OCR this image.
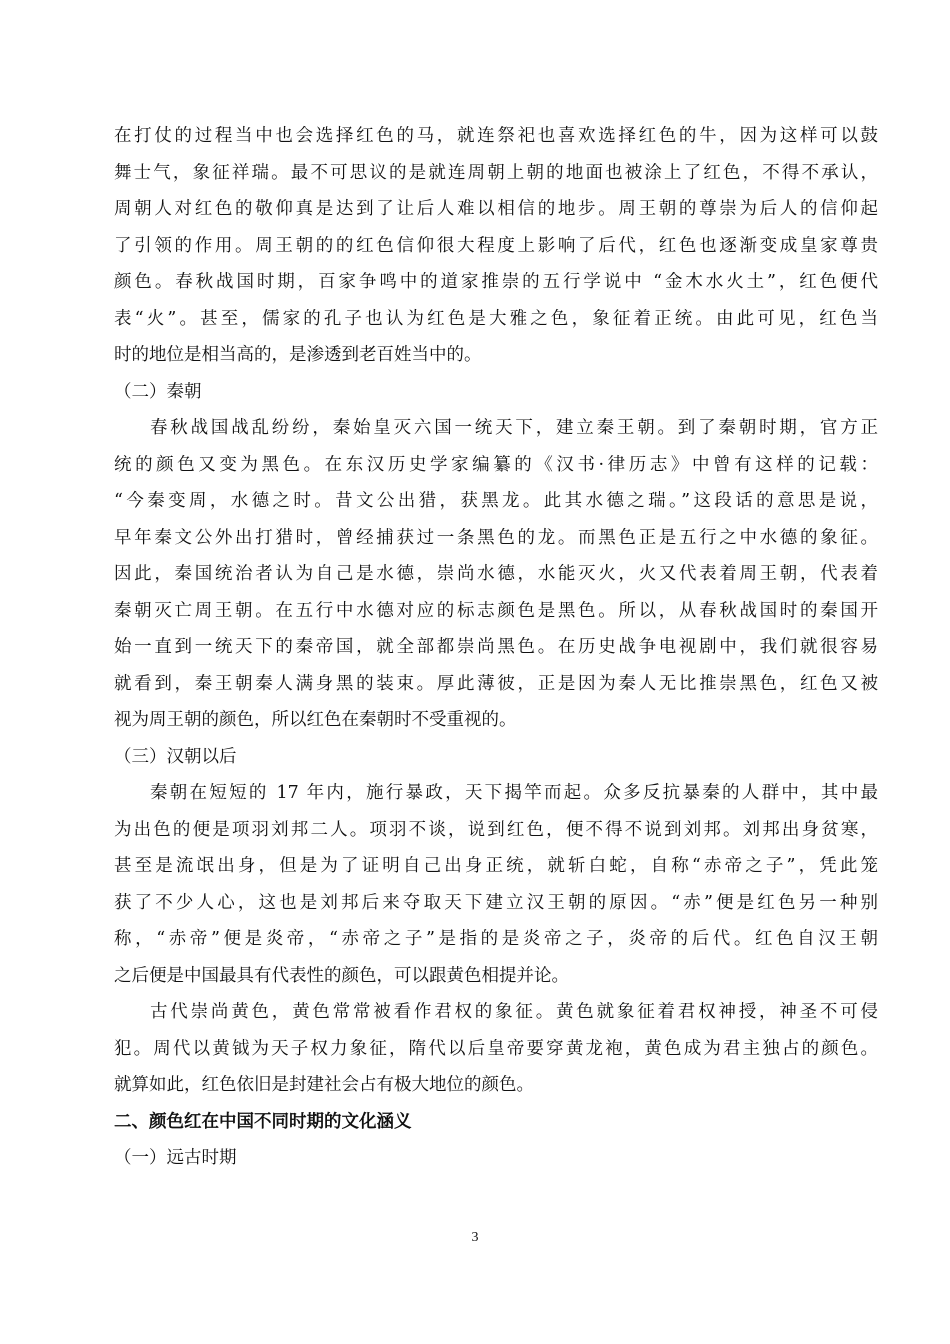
在打仗的过程当中也会选择红色的马，就连祭祀也喜欢选择红色的牛，因为这样可以鼓
舞士气，象征祥瑞。最不可思议的是就连周朝上朝的地面也被涂上了红色，不得不承认，
周朝人对红色的敬仰真是达到了让后人难以相信的地步。周王朝的尊崇为后人的信仰起
了引领的作用。周王朝的的红色信仰很大程度上影响了后代，红色也逐渐变成皇家尊贵
颜色。春秋战国时期，百家争鸣中的道家推崇的五行学说中 “金木水火土”，红色便代
表“火”。甚至，儒家的孔子也认为红色是大雅之色，象征着正统。由此可见，红色当
时的地位是相当高的，是渗透到老百姓当中的。
（二）秦朝
春秋战国战乱纷纷，秦始皇灭六国一统天下，建立秦王朝。到了秦朝时期，官方正
统的颜色又变为黑色。在东汉历史学家编纂的《汉书·律历志》中曾有这样的记载：
“今秦变周，水德之时。昔文公出猎，获黑龙。此其水德之瑞。”这段话的意思是说，
早年秦文公外出打猎时，曾经捕获过一条黑色的龙。而黑色正是五行之中水德的象征。
因此，秦国统治者认为自己是水德，崇尚水德，水能灭火，火又代表着周王朝，代表着
秦朝灭亡周王朝。在五行中水德对应的标志颜色是黑色。所以，从春秋战国时的秦国开
始一直到一统天下的秦帝国，就全部都崇尚黑色。在历史战争电视剧中，我们就很容易
就看到，秦王朝秦人满身黑的装束。厚此薄彼，正是因为秦人无比推崇黑色，红色又被
视为周王朝的颜色，所以红色在秦朝时不受重视的。
（三）汉朝以后
秦朝在短短的 17 年内，施行暴政，天下揭竿而起。众多反抗暴秦的人群中，其中最
为出色的便是项羽刘邦二人。项羽不谈，说到红色，便不得不说到刘邦。刘邦出身贫寒，
甚至是流氓出身，但是为了证明自己出身正统，就斩白蛇，自称“赤帝之子”，凭此笼
获了不少人心，这也是刘邦后来夺取天下建立汉王朝的原因。“赤”便是红色另一种别
称，“赤帝”便是炎帝，“赤帝之子”是指的是炎帝之子，炎帝的后代。红色自汉王朝
之后便是中国最具有代表性的颜色，可以跟黄色相提并论。
古代崇尚黄色，黄色常常被看作君权的象征。黄色就象征着君权神授，神圣不可侵
犯。周代以黄钺为天子权力象征，隋代以后皇帝要穿黄龙袍，黄色成为君主独占的颜色。
就算如此，红色依旧是封建社会占有极大地位的颜色。
二、颜色红在中国不同时期的文化涵义
（一）远古时期
3
